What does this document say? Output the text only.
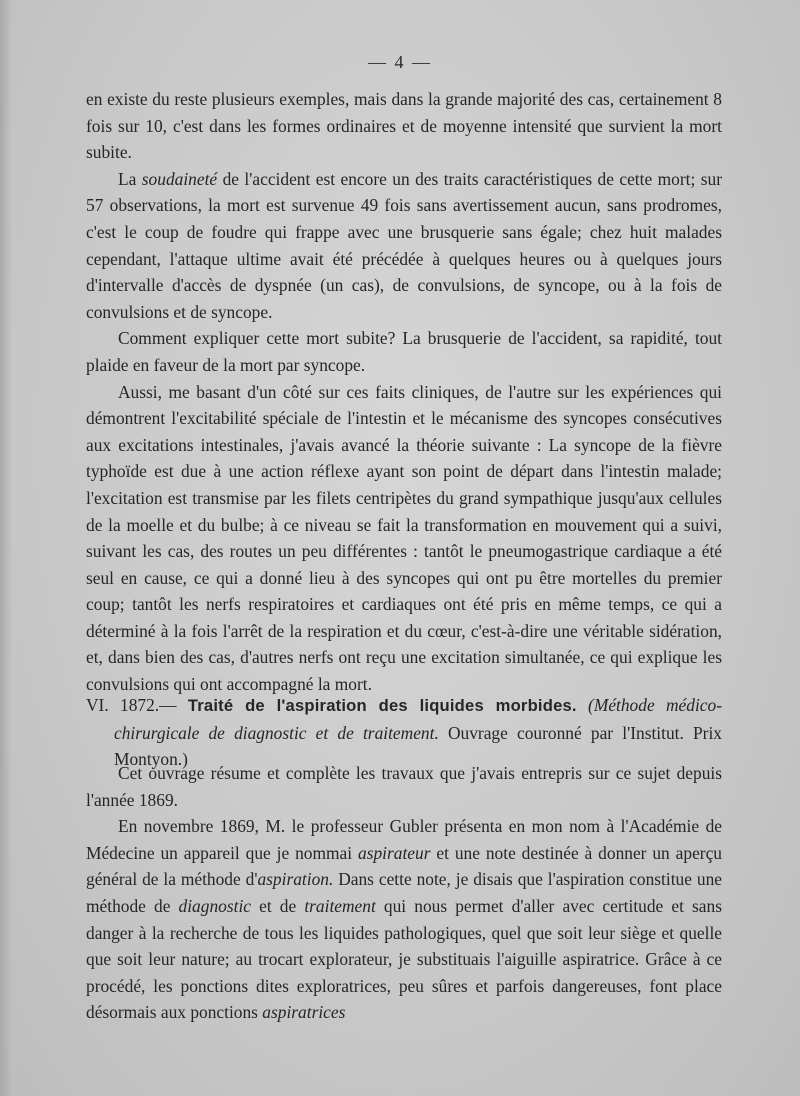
— 4 —

en existe du reste plusieurs exemples, mais dans la grande majorité des cas, certainement 8 fois sur 10, c'est dans les formes ordinaires et de moyenne intensité que survient la mort subite.

La soudaineté de l'accident est encore un des traits caractéristiques de cette mort; sur 57 observations, la mort est survenue 49 fois sans avertissement aucun, sans prodromes, c'est le coup de foudre qui frappe avec une brusquerie sans égale; chez huit malades cependant, l'attaque ultime avait été précédée à quelques heures ou à quelques jours d'intervalle d'accès de dyspnée (un cas), de convulsions, de syncope, ou à la fois de convulsions et de syncope.

Comment expliquer cette mort subite? La brusquerie de l'accident, sa rapidité, tout plaide en faveur de la mort par syncope.

Aussi, me basant d'un côté sur ces faits cliniques, de l'autre sur les expériences qui démontrent l'excitabilité spéciale de l'intestin et le mécanisme des syncopes consécutives aux excitations intestinales, j'avais avancé la théorie suivante : La syncope de la fièvre typhoïde est due à une action réflexe ayant son point de départ dans l'intestin malade; l'excitation est transmise par les filets centripètes du grand sympathique jusqu'aux cellules de la moelle et du bulbe; à ce niveau se fait la transformation en mouvement qui a suivi, suivant les cas, des routes un peu différentes : tantôt le pneumogastrique cardiaque a été seul en cause, ce qui a donné lieu à des syncopes qui ont pu être mortelles du premier coup; tantôt les nerfs respiratoires et cardiaques ont été pris en même temps, ce qui a déterminé à la fois l'arrêt de la respiration et du cœur, c'est-à-dire une véritable sidération, et, dans bien des cas, d'autres nerfs ont reçu une excitation simultanée, ce qui explique les convulsions qui ont accompagné la mort.

VI. 1872.— Traité de l'aspiration des liquides morbides. (Méthode médico-chirurgicale de diagnostic et de traitement. Ouvrage couronné par l'Institut. Prix Montyon.)

Cet ouvrage résume et complète les travaux que j'avais entrepris sur ce sujet depuis l'année 1869.

En novembre 1869, M. le professeur Gubler présenta en mon nom à l'Académie de Médecine un appareil que je nommai aspirateur et une note destinée à donner un aperçu général de la méthode d'aspiration. Dans cette note, je disais que l'aspiration constitue une méthode de diagnostic et de traitement qui nous permet d'aller avec certitude et sans danger à la recherche de tous les liquides pathologiques, quel que soit leur siège et quelle que soit leur nature; au trocart explorateur, je substituais l'aiguille aspiratrice. Grâce à ce procédé, les ponctions dites exploratrices, peu sûres et parfois dangereuses, font place désormais aux ponctions aspiratrices
